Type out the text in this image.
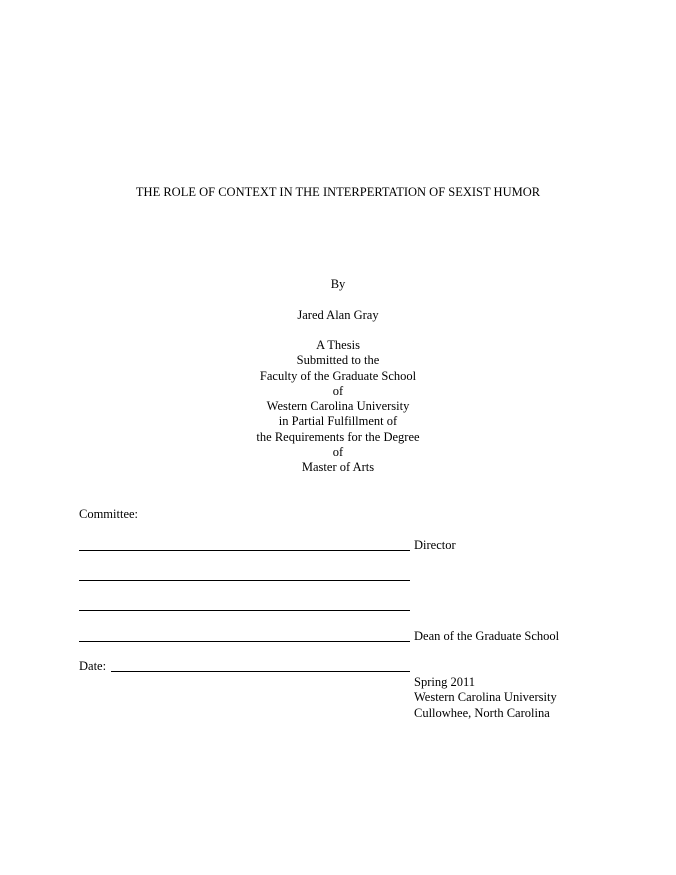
THE ROLE OF CONTEXT IN THE INTERPERTATION OF SEXIST HUMOR
By
Jared Alan Gray
A Thesis
Submitted to the
Faculty of the Graduate School
of
Western Carolina University
in Partial Fulfillment of
the Requirements for the Degree
of
Master of Arts
Committee:
Director
Dean of the Graduate School
Date:
Spring 2011
Western Carolina University
Cullowhee, North Carolina
